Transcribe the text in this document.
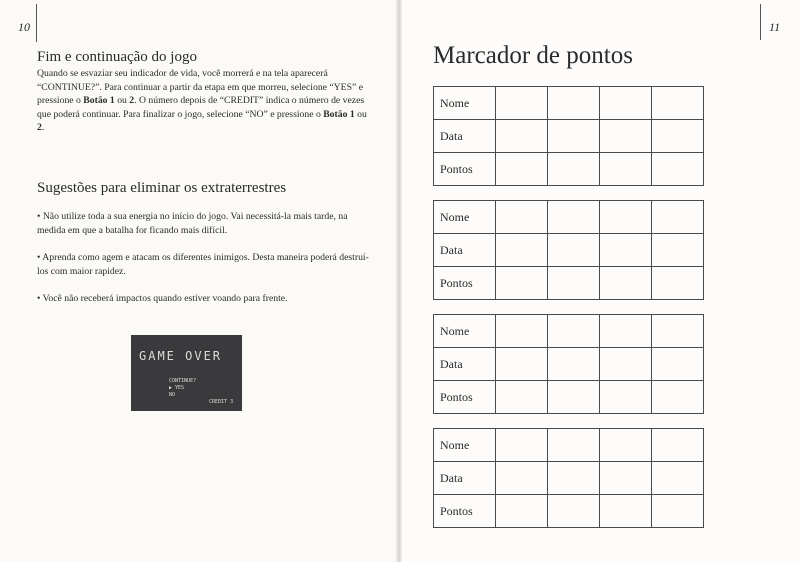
10	11
Fim e continuação do jogo
Quando se esvaziar seu indicador de vida, você morrerá e na tela aparecerá “CONTINUE?”. Para continuar a partir da etapa em que morreu, selecione “YES” e pressione o Botão 1 ou 2. O número depois de “CREDIT” indica o número de vezes que poderá continuar. Para finalizar o jogo, selecione “NO” e pressione o Botão 1 ou 2.
Sugestões para eliminar os extraterrestres
• Não utilize toda a sua energia no início do jogo. Vai necessitá-la mais tarde, na medida em que a batalha for ficando mais difícil.
• Aprenda como agem e atacam os diferentes inimigos. Desta maneira poderá destruí-los com maior rapidez.
• Você não receberá impactos quando estiver voando para frente.
GAME OVER
CONTINUE?
▶ YES
NO
CREDIT 3
Marcador de pontos
Nome				
Data				
Pontos				
Nome				
Data				
Pontos				
Nome				
Data				
Pontos				
Nome				
Data				
Pontos				
